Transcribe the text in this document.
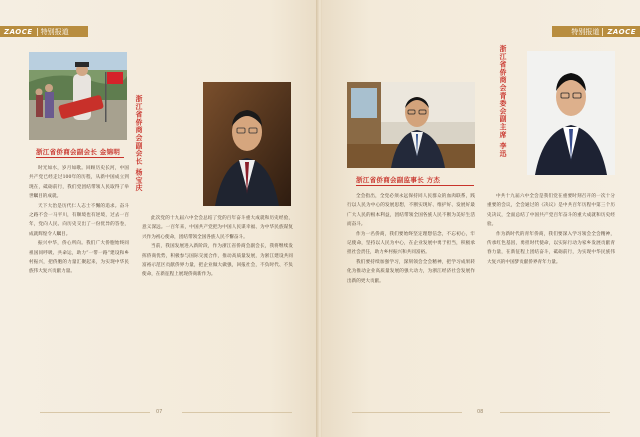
ZAOCE	特别报道
浙江省侨商会副会长 金锦明 浙江省侨商会副会长 杨宝庆

时光如水，岁月如歌。回顾历史长河，中国共产党已经走过100年的历程，从新中国成立到现在，砥砺前行，我们党团结带领人民取得了举世瞩目的成就。

天下大治是历代仁人志士不懈的追求。奋斗之路不会一马平川，有顺境也有逆境，过去一百年，党向人民、向历史交出了一份优异的答卷，成就辉煌令人瞩目。

振兴中华，侨心所向。我们广大侨胞始终同祖国同呼吸、共命运，助力“一带一路”建设和乡村振兴，把侨胞的力量汇聚起来，为实现中华民族伟大复兴贡献力量。

此次党的十九届六中全会总结了党的百年奋斗重大成就和历史经验，意义深远。一百年来，中国共产党把为中国人民谋幸福、为中华民族谋复兴作为初心使命，团结带领全国各族人民不懈奋斗。

当前，我国发展进入新阶段，作为浙江省侨商会副会长，我将继续发挥侨商优势，积极参与国际交流合作，推动高质量发展，为浙江建设共同富裕示范区贡献侨界力量，把企业做大做强，回报社会，不负时代、不负使命，在新征程上展现侨商新作为。

07
特别报道	ZAOCE
浙江省侨商会副监事长 方杰
浙江省侨商会青委会副主席 李迅

全会指出，全党必须永远保持同人民群众的血肉联系，践行以人民为中心的发展思想，不断实现好、维护好、发展好最广大人民的根本利益，团结带领全国各族人民不断为美好生活而奋斗。

作为一名侨商，我们要始终坚定理想信念，不忘初心，牢记使命，坚持以人民为中心，在企业发展中勇于担当，积极承担社会责任，助力乡村振兴和共同富裕。

我们要持续加强学习，深刻领会全会精神，把学习成果转化为推动企业高质量发展的强大动力，为浙江经济社会发展作出新的更大贡献。

中共十九届六中全会是我们党在重要时刻召开的一次十分重要的会议，全会通过的《决议》是中共百年历程中第三个历史决议，全面总结了中国共产党百年奋斗的重大成就和历史经验。

作为新时代的青年侨商，我们要深入学习领会全会精神，传承红色基因，勇担时代使命，以实际行动为家乡发展贡献青春力量，在新征程上团结奋斗，砥砺前行，为实现中华民族伟大复兴的中国梦贡献侨界青年力量。

08
